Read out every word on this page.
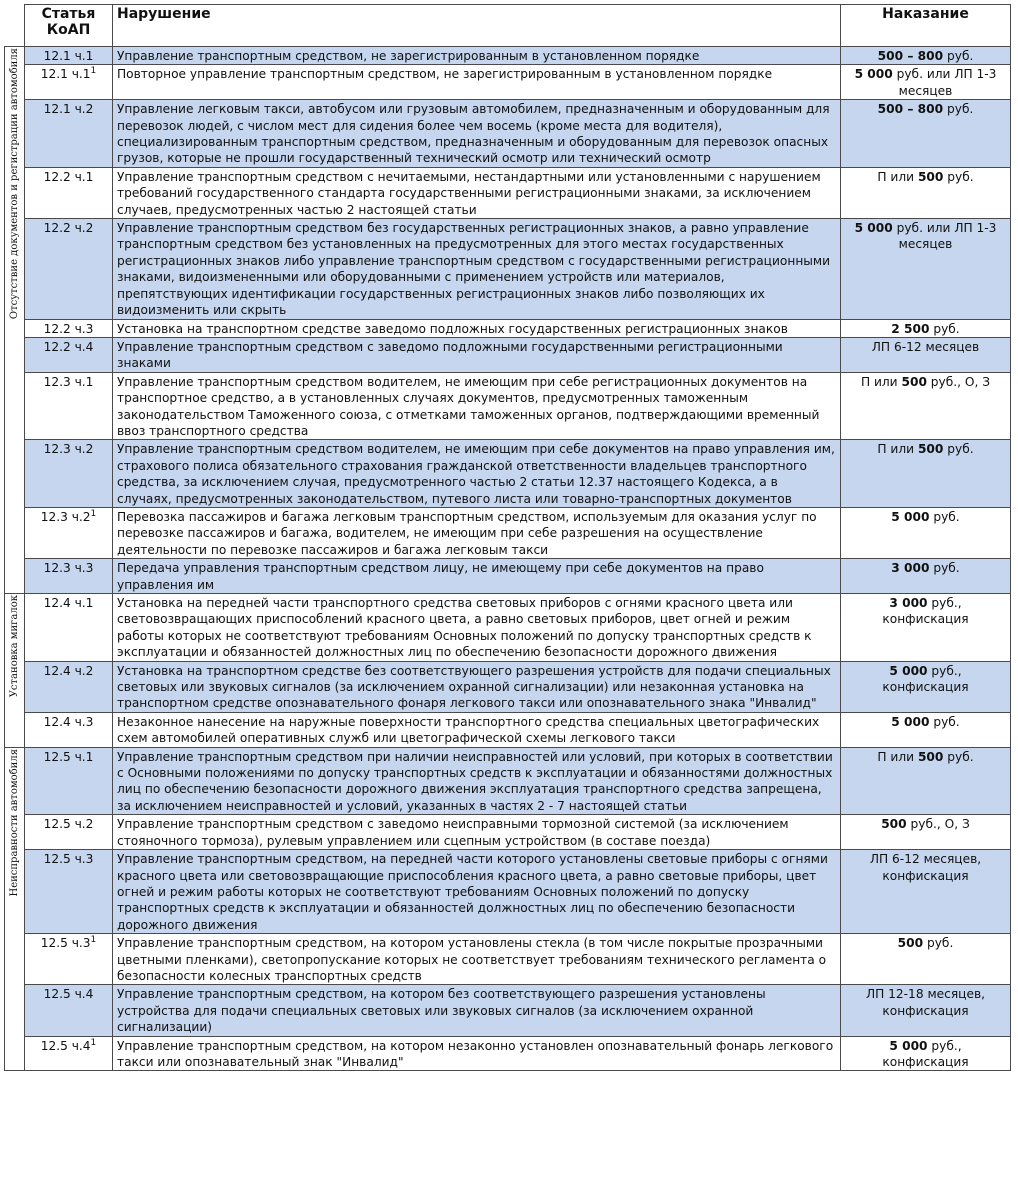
	Статья КоАП	Нарушение	Наказание
Отсутствие документов и регистрации автомобиля	12.1 ч.1	Управление транспортным средством, не зарегистрированным в установленном порядке	500 – 800 руб.
	12.1 $ч.1^1$	Повторное управление транспортным средством, не зарегистрированным в установленном порядке	5 000 руб. или ЛП 1-3 месяцев
	12.1 ч.2	Управление легковым такси, автобусом или грузовым автомобилем, предназначенным и оборудованным для перевозок людей, с числом мест для сидения более чем восемь (кроме места для водителя), специализированным транспортным средством, предназначенным и оборудованным для перевозок опасных грузов, которые не прошли государственный технический осмотр или технический осмотр	500 – 800 руб.
	12.2 ч.1	Управление транспортным средством с нечитаемыми, нестандартными или установленными с нарушением требований государственного стандарта государственными регистрационными знаками, за исключением случаев, предусмотренных частью 2 настоящей статьи	П или 500 руб.
	12.2 ч.2	Управление транспортным средством без государственных регистрационных знаков, а равно управление транспортным средством без установленных на предусмотренных для этого местах государственных регистрационных знаков либо управление транспортным средством с государственными регистрационными знаками, видоизмененными или оборудованными с применением устройств или материалов, препятствующих идентификации государственных регистрационных знаков либо позволяющих их видоизменить или скрыть	5 000 руб. или ЛП 1-3 месяцев
	12.2 ч.3	Установка на транспортном средстве заведомо подложных государственных регистрационных знаков	2 500 руб.
	12.2 ч.4	Управление транспортным средством с заведомо подложными государственными регистрационными знаками	ЛП 6-12 месяцев
	12.3 ч.1	Управление транспортным средством водителем, не имеющим при себе регистрационных документов на транспортное средство, а в установленных случаях документов, предусмотренных таможенным законодательством Таможенного союза, с отметками таможенных органов, подтверждающими временный ввоз транспортного средства	П или 500 руб., О, З
	12.3 ч.2	Управление транспортным средством водителем, не имеющим при себе документов на право управления им, страхового полиса обязательного страхования гражданской ответственности владельцев транспортного средства, за исключением случая, предусмотренного частью 2 статьи 12.37 настоящего Кодекса, а в случаях, предусмотренных законодательством, путевого листа или товарно-транспортных документов	П или 500 руб.
	12.3 $ч.2^1$	Перевозка пассажиров и багажа легковым транспортным средством, используемым для оказания услуг по перевозке пассажиров и багажа, водителем, не имеющим при себе разрешения на осуществление деятельности по перевозке пассажиров и багажа легковым такси	5 000 руб.
	12.3 ч.3	Передача управления транспортным средством лицу, не имеющему при себе документов на право управления им	3 000 руб.
Установка мигалок	12.4 ч.1	Установка на передней части транспортного средства световых приборов с огнями красного цвета или световозвращающих приспособлений красного цвета, а равно световых приборов, цвет огней и режим работы которых не соответствуют требованиям Основных положений по допуску транспортных средств к эксплуатации и обязанностей должностных лиц по обеспечению безопасности дорожного движения	3 000 руб., конфискация
	12.4 ч.2	Установка на транспортном средстве без соответствующего разрешения устройств для подачи специальных световых или звуковых сигналов (за исключением охранной сигнализации) или незаконная установка на транспортном средстве опознавательного фонаря легкового такси или опознавательного знака "Инвалид"	5 000 руб., конфискация
	12.4 ч.3	Незаконное нанесение на наружные поверхности транспортного средства специальных цветографических схем автомобилей оперативных служб или цветографической схемы легкового такси	5 000 руб.
Неисправности автомобиля	12.5 ч.1	Управление транспортным средством при наличии неисправностей или условий, при которых в соответствии с Основными положениями по допуску транспортных средств к эксплуатации и обязанностями должностных лиц по обеспечению безопасности дорожного движения эксплуатация транспортного средства запрещена, за исключением неисправностей и условий, указанных в частях 2 - 7 настоящей статьи	П или 500 руб.
	12.5 ч.2	Управление транспортным средством с заведомо неисправными тормозной системой (за исключением стояночного тормоза), рулевым управлением или сцепным устройством (в составе поезда)	500 руб., О, З
	12.5 ч.3	Управление транспортным средством, на передней части которого установлены световые приборы с огнями красного цвета или световозвращающие приспособления красного цвета, а равно световые приборы, цвет огней и режим работы которых не соответствуют требованиям Основных положений по допуску транспортных средств к эксплуатации и обязанностей должностных лиц по обеспечению безопасности дорожного движения	ЛП 6-12 месяцев, конфискация
	12.5 $ч.3^1$	Управление транспортным средством, на котором установлены стекла (в том числе покрытые прозрачными цветными пленками), светопропускание которых не соответствует требованиям технического регламента о безопасности колесных транспортных средств	500 руб.
	12.5 ч.4	Управление транспортным средством, на котором без соответствующего разрешения установлены устройства для подачи специальных световых или звуковых сигналов (за исключением охранной сигнализации)	ЛП 12-18 месяцев, конфискация
	12.5 $ч.4^1$	Управление транспортным средством, на котором незаконно установлен опознавательный фонарь легкового такси или опознавательный знак "Инвалид"	5 000 руб., конфискация
